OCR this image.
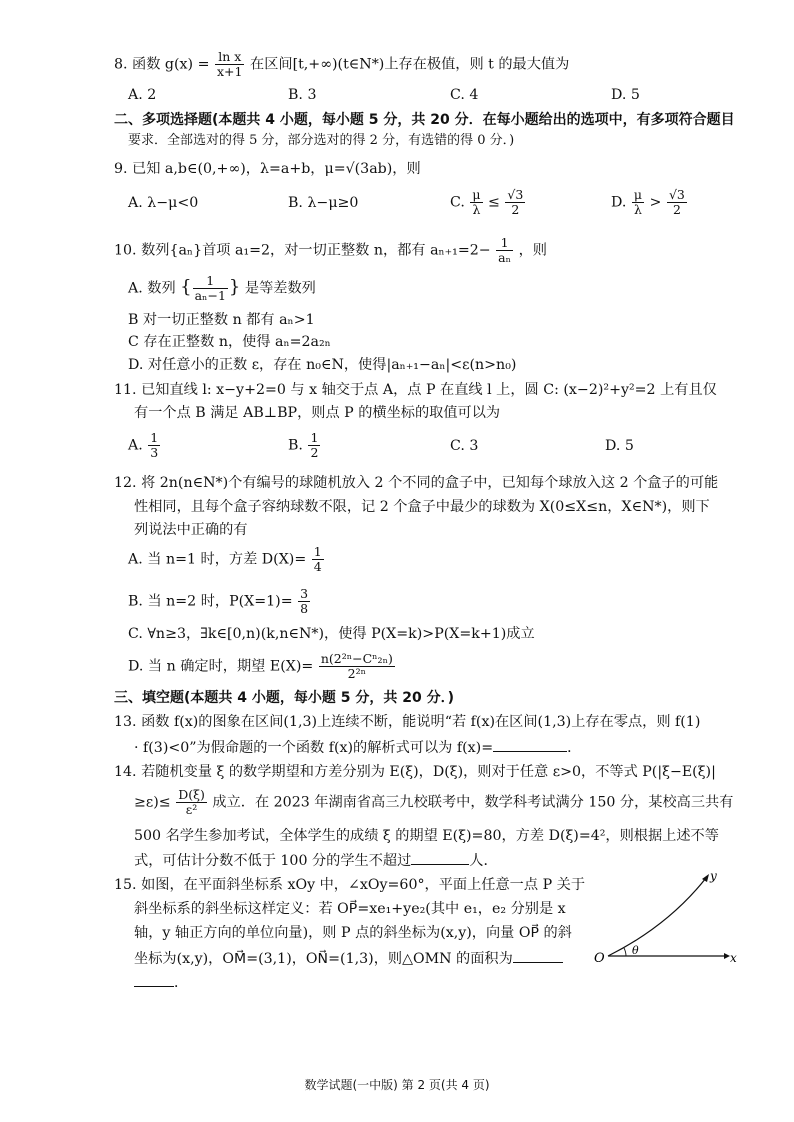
8. 函数 $g(x) = \frac{\text{ln x}}{x+1}$ 在区间[t,+∞)(t∈N*)上存在极值，则 t 的最大值为
A. 2	B. 3	C. 4	D. 5
二、多项选择题(本题共 4 小题，每小题 5 分，共 20 分．在每小题给出的选项中，有多项符合题目
要求．全部选对的得 5 分，部分选对的得 2 分，有选错的得 0 分．)
9. 已知 a,b∈(0,+∞)，λ=a+b，μ=√(3ab)，则
A. λ−μ<0	B. λ−μ≥0	C. $\frac{\mu}{\lambda} \le \frac{√3}{2}$	D. $\frac{\mu}{\lambda} > \frac{√3}{2}$
10. 数列{aₙ}首项 a₁=2，对一切正整数 n，都有 $a_{n+1}=2- \frac{1}{\text{aₙ}}$ ，则
A. 数列 { $\frac{1}{\text{aₙ−1}}$ } 是等差数列
B 对一切正整数 n 都有 aₙ>1
C 存在正整数 n，使得 aₙ=2a₂ₙ
D. 对任意小的正数 ε，存在 n₀∈N，使得|aₙ₊₁−aₙ|<ε(n>n₀)
11. 已知直线 l: x−y+2=0 与 x 轴交于点 A，点 P 在直线 l 上，圆 C: (x−2)²+y²=2 上有且仅
有一个点 B 满足 AB⊥BP，则点 P 的横坐标的取值可以为
A. $\frac{1}{3}$	B. $\frac{1}{2}$	C. 3	D. 5
12. 将 2n(n∈N*)个有编号的球随机放入 2 个不同的盒子中，已知每个球放入这 2 个盒子的可能
性相同，且每个盒子容纳球数不限，记 2 个盒子中最少的球数为 X(0≤X≤n，X∈N*)，则下
列说法中正确的有
A. 当 n=1 时，方差 $D(X)= \frac{1}{4}$
B. 当 n=2 时，$P(X=1)= \frac{3}{8}$
C. ∀n≥3，∃k∈[0,n)(k,n∈N*)，使得 P(X=k)>P(X=k+1)成立
D. 当 n 确定时，期望 $E(X)= \frac{\text{n(2²ⁿ−Cⁿ₂ₙ)}}{\text{2²ⁿ}}$
三、填空题(本题共 4 小题，每小题 5 分，共 20 分．)
13. 函数 f(x)的图象在区间(1,3)上连续不断，能说明“若 f(x)在区间(1,3)上存在零点，则 f(1)
· f(3)<0”为假命题的一个函数 f(x)的解析式可以为 f(x)=	．
14. 若随机变量 ξ 的数学期望和方差分别为 E(ξ)，D(ξ)，则对于任意 ε>0，不等式 P(|ξ−E(ξ)|
$\ge\varepsilon)\le \frac{D(\xi)}{\text{ε²}}$ 成立．在 2023 年湖南省高三九校联考中，数学科考试满分 150 分，某校高三共有
500 名学生参加考试，全体学生的成绩 ξ 的期望 E(ξ)=80，方差 D(ξ)=4²，则根据上述不等
式，可估计分数不低于 100 分的学生不超过	人．
15. 如图，在平面斜坐标系 xOy 中，∠xOy=60°，平面上任意一点 P 关于
斜坐标系的斜坐标这样定义：若 OP⃗=xe₁+ye₂(其中 e₁，e₂ 分别是 x
轴，y 轴正方向的单位向量)，则 P 点的斜坐标为(x,y)，向量 OP⃗ 的斜
坐标为(x,y)，OM⃗=(3,1)，ON⃗=(1,3)，则△OMN 的面积为
．
O	x
y
θ
数学试题(一中版) 第 2 页(共 4 页)
